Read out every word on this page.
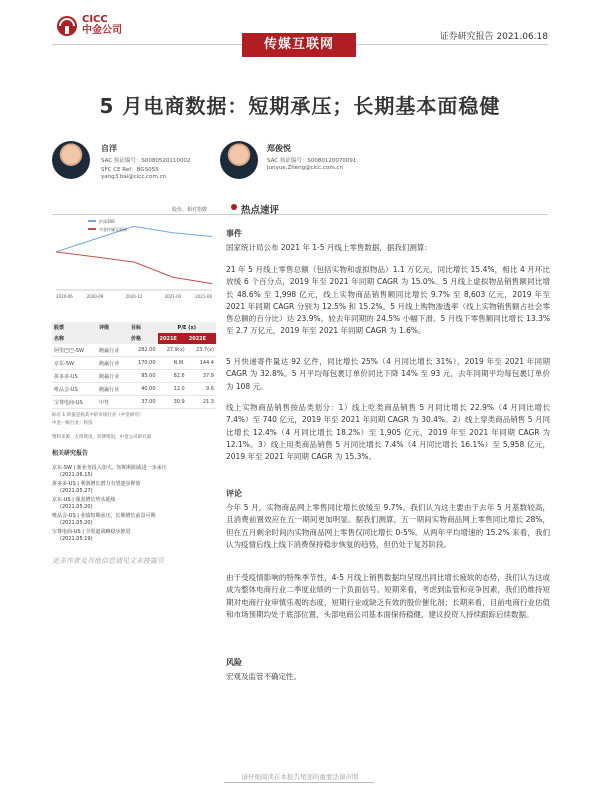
CICC
中金公司
传媒互联网	证券研究报告 2021.06.18
5 月电商数据：短期承压；长期基本面稳健
自洋
SAC 执证编号：S0080520110002
SFC CE Ref：BGS055
yang3.bai@cicc.com.cn
郑俊悦
SAC 执证编号：S0080120070091
Junyue.Zheng@cicc.com.cn
股价、相对指数
沪深300
中金传媒互联网
2020-06	2020-09	2020-12	2021-03	2021-06
股票	评级	目标	P/E (x)	
名称		价格	2021E	2022E
阿里巴巴-SW	跑赢行业	282.00	27.9(x)	23.7(x)
京东-SW	跑赢行业	170.00	N.M.	144.4
拼多多-US	跑赢行业	95.00	82.6	37.9
唯品会-US	跑赢行业	40.00	12.0	9.6
宝尊电商-US	中性	37.00	30.9	21.3
标有 1 的值是指其中的市场行业（中金研究）
中金一级行业：科技
资料来源：万得资讯，彭博资讯，中金公司研究部
相关研究报告
京东-SW | 新业务投入加大，短期利润或进一步承压
(2021.06.15)
拼多多-US | 利润增长潜力有望逐步释放
(2021.05.27)
京东-US | 强劲增长势头延续
(2021.05.20)
唯品会-US | 业绩短期承压，长期增长前景可期
(2021.05.20)
宝尊电商-US | 全渠道战略稳步推进
(2021.05.19)
更多作者及其他信息请见文末披露页
热点速评
事件
国家统计局公布 2021 年 1-5 月线上零售数据，据我们测算：
21 年 5 月线上零售总额（包括实物和虚拟物品）1.1 万亿元，同比增长 15.4%，相比 4 月环比放缓 6 个百分点，2019 年至 2021 年同期 CAGR 为 15.0%。5 月线上虚拟物品销售额同比增长 48.6% 至 1,998 亿元，线上实物商品销售额同比增长 9.7% 至 8,603 亿元，2019 年至 2021 年同期 CAGR 分别为 12.5% 和 15.2%。5 月线上购物渗透率（线上实物销售额占社会零售总额的百分比）达 23.9%，较去年同期的 24.5% 小幅下滑。5 月线下零售额同比增长 13.3% 至 2.7 万亿元，2019 年至 2021 年同期 CAGR 为 1.6%。
5 月快递寄件量达 92 亿件，同比增长 25%（4 月同比增长 31%），2019 年至 2021 年同期 CAGR 为 32.8%。5 月平均每包裹订单价同比下降 14% 至 93 元，去年同期平均每包裹订单价为 108 元。
线上实物商品销售按品类划分：1）线上吃类商品销售 5 月同比增长 22.9%（4 月同比增长 7.4%）至 740 亿元，2019 年至 2021 年同期 CAGR 为 30.4%。2）线上穿类商品销售 5 月同比增长 12.4%（4 月同比增长 18.2%）至 1,905 亿元，2019 年至 2021 年同期 CAGR 为 12.1%。3）线上用类商品销售 5 月同比增长 7.4%（4 月同比增长 16.1%）至 5,958 亿元，2019 年至 2021 年同期 CAGR 为 15.3%。
评论
今年 5 月，实物商品网上零售同比增长放缓至 9.7%。我们认为这主要由于去年 5 月基数较高，且消费前置效应在五一期间更加明显。据我们测算，五一期间实物商品网上零售同比增长 28%，但在五月剩余时间内实物商品网上零售仅同比增长 0-5%。从两年平均增速的 15.2% 来看，我们认为疫情后线上线下消费保持稳步恢复的趋势，但仍处于复苏阶段。
由于受疫情影响的特殊季节性，4-5 月线上销售数据均呈现出同比增长疲软的态势，我们认为这或成为整体电商行业二季度业绩的一个负面信号。短期来看，考虑到监管和竞争因素，我们仍维持短期对电商行业审慎乐观的态度，短期行业或缺乏有效的股价催化剂；长期来看，目前电商行业估值和市场预期均处于底部位置，头部电商公司基本面保持稳健，建议投资人持续跟踪后续数据。
风险
宏观及监管不确定性。
请仔细阅读在本报告尾部的重要法律声明
